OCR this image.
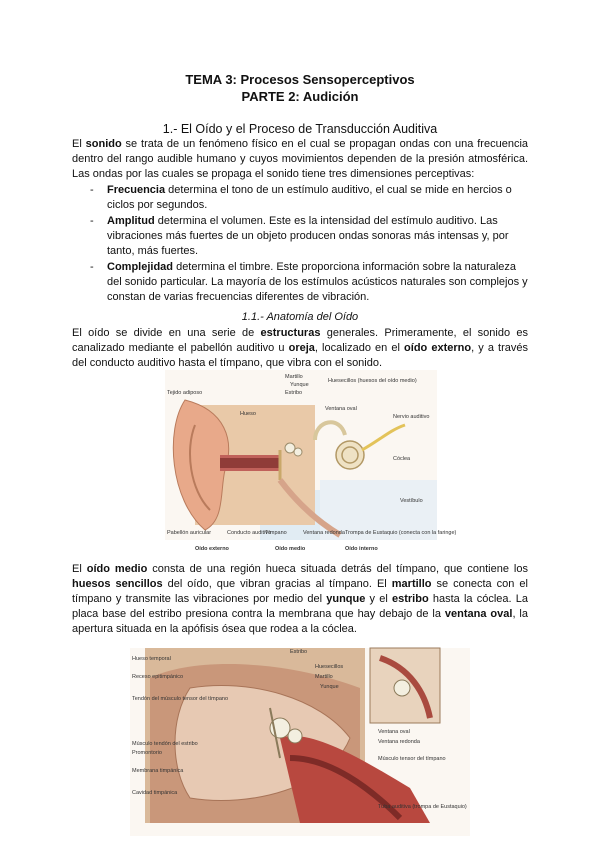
TEMA 3: Procesos Sensoperceptivos
PARTE 2: Audición
1.- El Oído y el Proceso de Transducción Auditiva
El sonido se trata de un fenómeno físico en el cual se propagan ondas con una frecuencia dentro del rango audible humano y cuyos movimientos dependen de la presión atmosférica. Las ondas por las cuales se propaga el sonido tiene tres dimensiones perceptivas:
- Frecuencia determina el tono de un estímulo auditivo, el cual se mide en hercios o ciclos por segundos.
- Amplitud determina el volumen. Este es la intensidad del estímulo auditivo. Las vibraciones más fuertes de un objeto producen ondas sonoras más intensas y, por tanto, más fuertes.
- Complejidad determina el timbre. Este proporciona información sobre la naturaleza del sonido particular. La mayoría de los estímulos acústicos naturales son complejos y constan de varias frecuencias diferentes de vibración.
1.1.- Anatomía del Oído
El oído se divide en una serie de estructuras generales. Primeramente, el sonido es canalizado mediante el pabellón auditivo u oreja, localizado en el oído externo, y a través del conducto auditivo hasta el tímpano, que vibra con el sonido.
Tejido adiposo
Hueso
Martillo
Yunque
Estribo
Huesecillos (huesos del oído medio)
Ventana oval
Nervio auditivo
Cóclea
Vestíbulo
Pabellón auricular	Conducto auditivo
Tímpano	Ventana redonda Trompa de Eustaquio (conecta con la faringe)
Oído externo	Oído medio	Oído interno
El oído medio consta de una región hueca situada detrás del tímpano, que contiene los huesos sencillos del oído, que vibran gracias al tímpano. El martillo se conecta con el tímpano y transmite las vibraciones por medio del yunque y el estribo hasta la cóclea. La placa base del estribo presiona contra la membrana que hay debajo de la ventana oval, la apertura situada en la apófisis ósea que rodea a la cóclea.
Hueso temporal
Receso epitimpánico
Tendón del músculo tensor del tímpano
Músculo tendón del estribo
Promontorio
Membrana timpánica
Cavidad timpánica
Estribo
Yunque
Martillo
Huesecillos
Ventana oval
Ventana redonda
Músculo tensor del tímpano
Tuba auditiva (trompa de Eustaquio)
